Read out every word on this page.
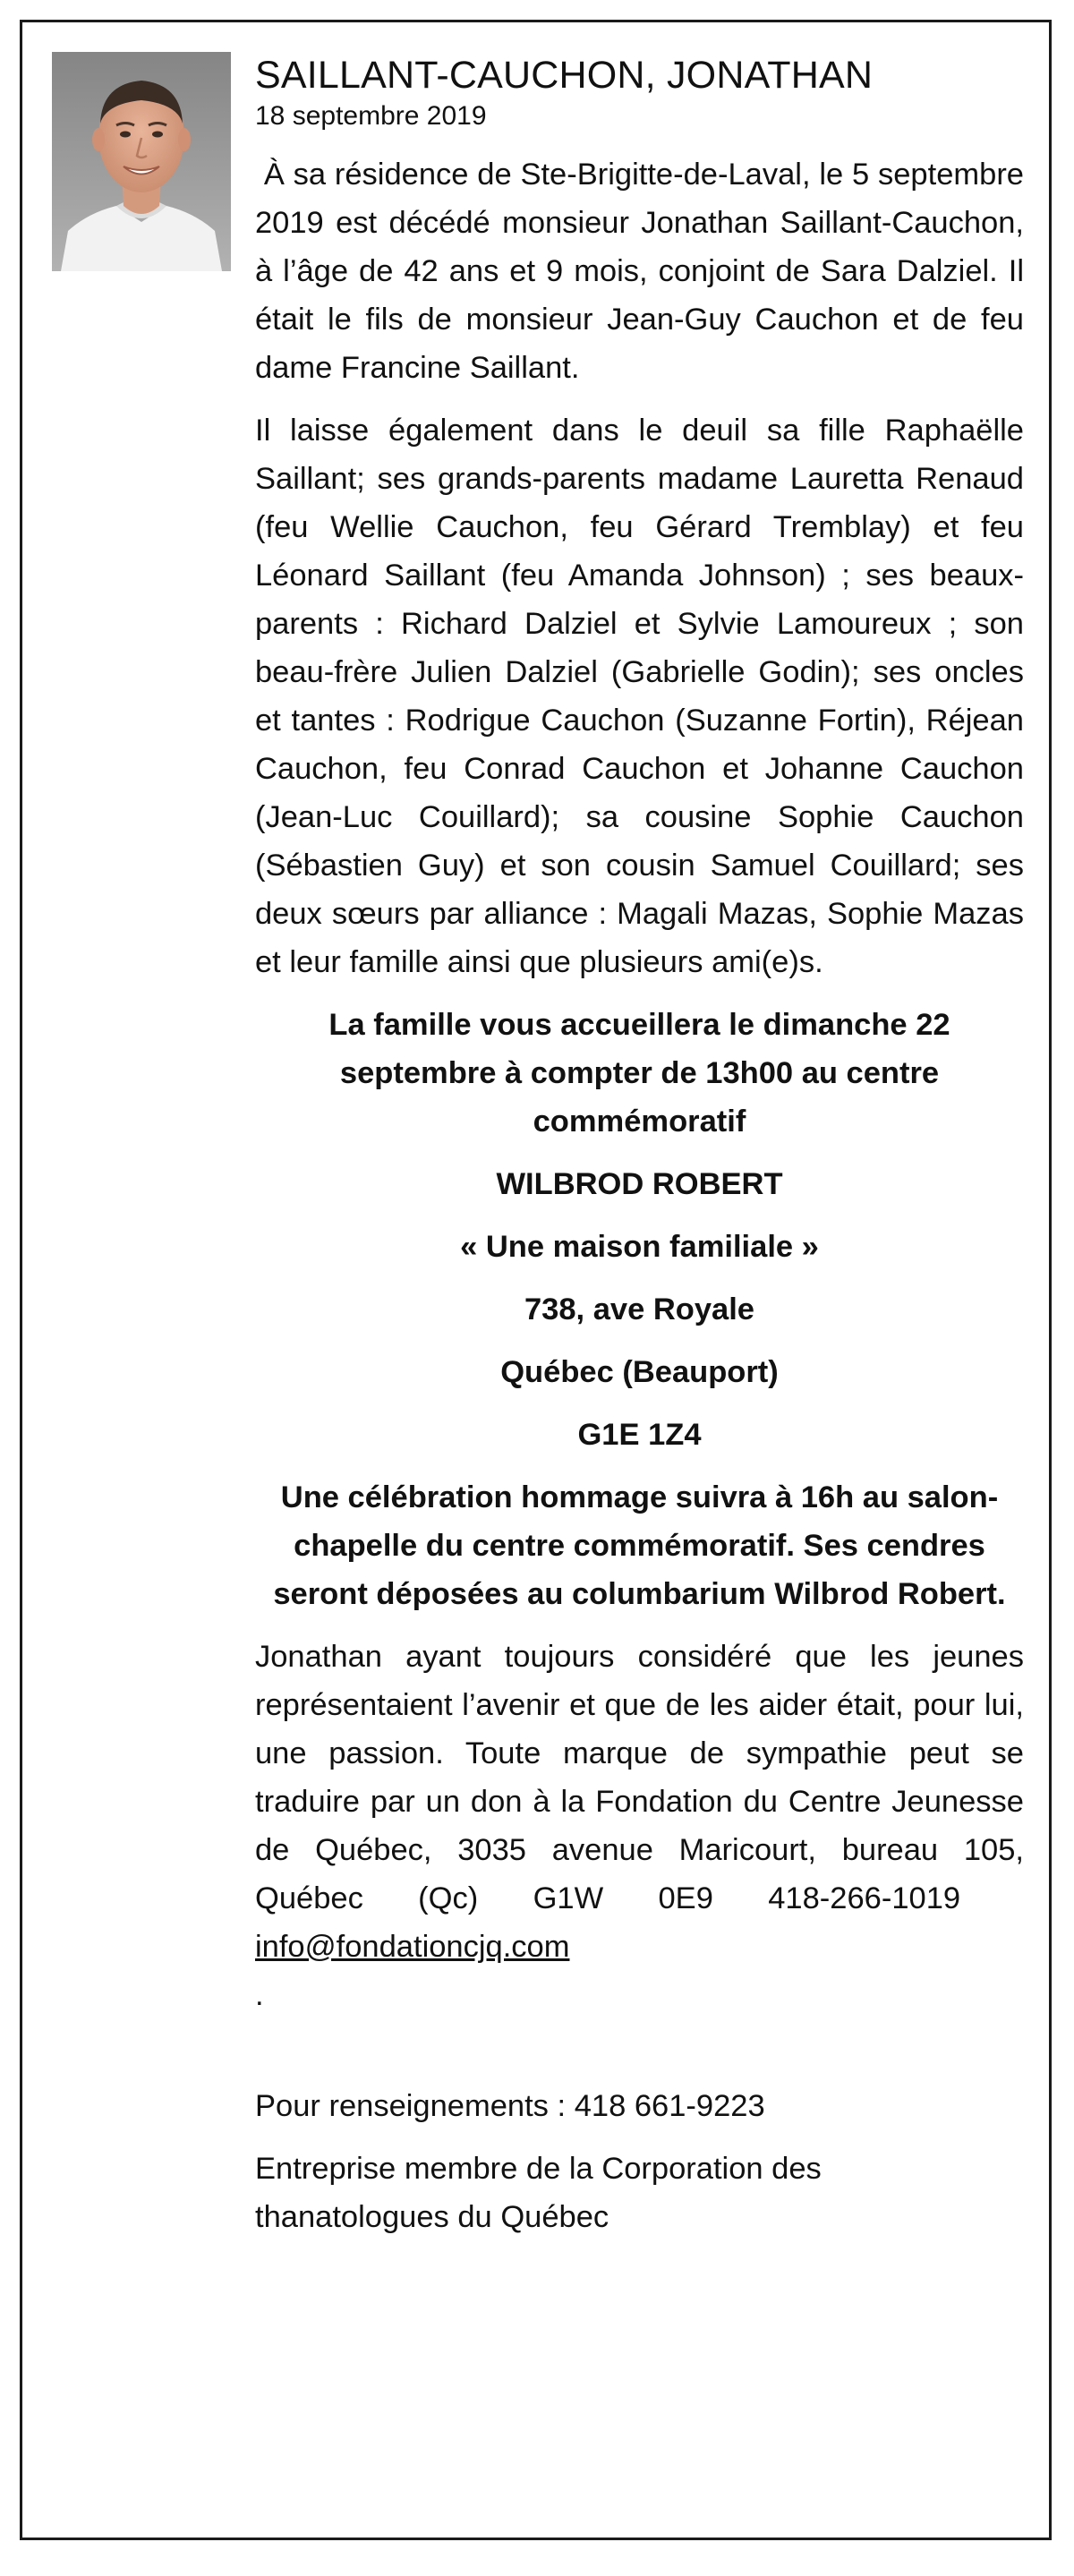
SAILLANT-CAUCHON, JONATHAN
18 septembre 2019

À sa résidence de Ste-Brigitte-de-Laval, le 5 septembre 2019 est décédé monsieur Jonathan Saillant-Cauchon, à l’âge de 42 ans et 9 mois, conjoint de Sara Dalziel. Il était le fils de monsieur Jean-Guy Cauchon et de feu dame Francine Saillant.

Il laisse également dans le deuil sa fille Raphaëlle Saillant; ses grands-parents madame Lauretta Renaud (feu Wellie Cauchon, feu Gérard Tremblay) et feu Léonard Saillant (feu Amanda Johnson) ; ses beaux-parents : Richard Dalziel et Sylvie Lamoureux ; son beau-frère Julien Dalziel (Gabrielle Godin); ses oncles et tantes : Rodrigue Cauchon (Suzanne Fortin), Réjean Cauchon, feu Conrad Cauchon et Johanne Cauchon (Jean-Luc Couillard); sa cousine Sophie Cauchon (Sébastien Guy) et son cousin Samuel Couillard; ses deux sœurs par alliance : Magali Mazas, Sophie Mazas et leur famille ainsi que plusieurs ami(e)s.

La famille vous accueillera le dimanche 22 septembre à compter de 13h00 au centre commémoratif
WILBROD ROBERT
« Une maison familiale »
738, ave Royale
Québec (Beauport)
G1E 1Z4
Une célébration hommage suivra à 16h au salon-chapelle du centre commémoratif. Ses cendres seront déposées au columbarium Wilbrod Robert.

Jonathan ayant toujours considéré que les jeunes représentaient l’avenir et que de les aider était, pour lui, une passion. Toute marque de sympathie peut se traduire par un don à la Fondation du Centre Jeunesse de Québec, 3035 avenue Maricourt, bureau 105, Québec (Qc) G1W 0E9 418-266-1019   info@fondationcjq.com
.

Pour renseignements : 418 661-9223

Entreprise membre de la Corporation des thanatologues du Québec
